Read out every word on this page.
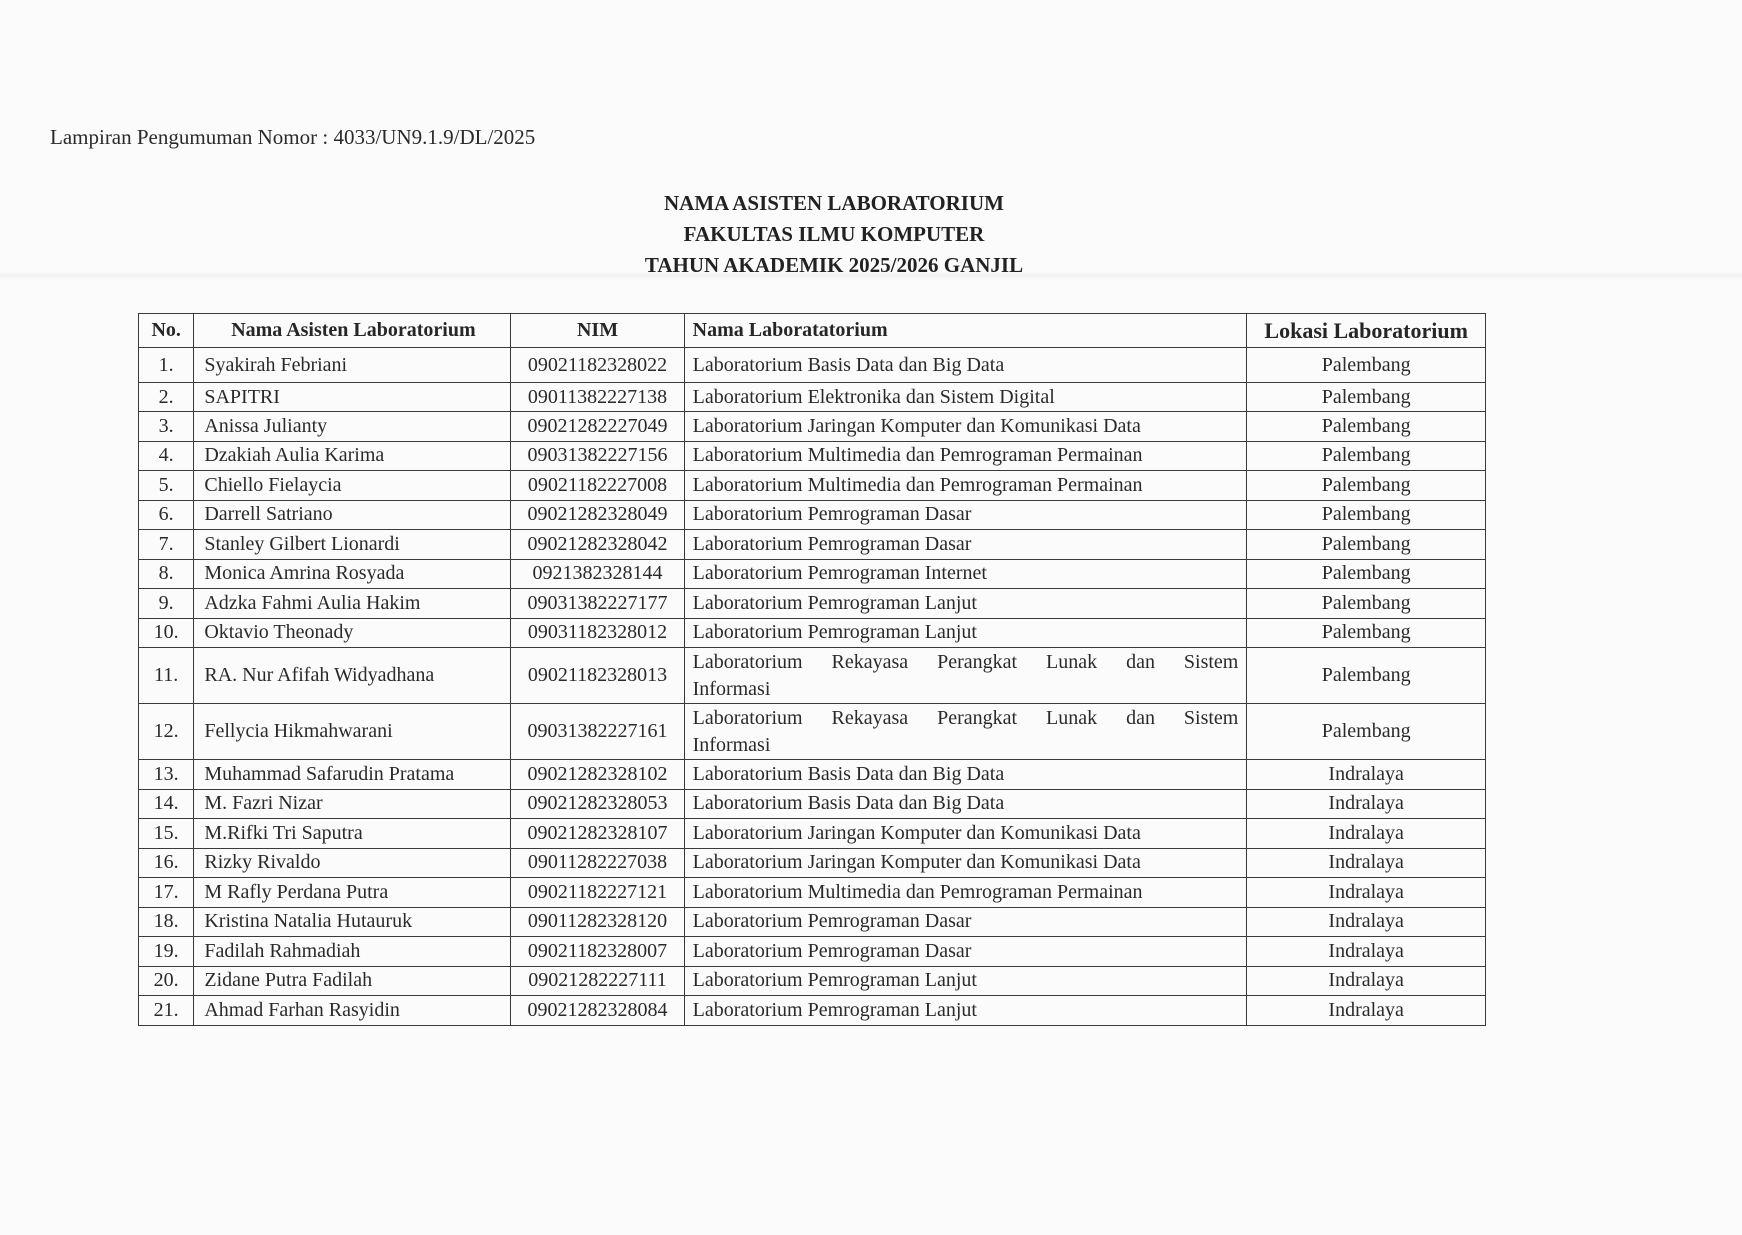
Lampiran Pengumuman Nomor : 4033/UN9.1.9/DL/2025
NAMA ASISTEN LABORATORIUM
FAKULTAS ILMU KOMPUTER
TAHUN AKADEMIK 2025/2026 GANJIL
No.	Nama Asisten Laboratorium	NIM	Nama Laboratatorium	Lokasi Laboratorium
1.	Syakirah Febriani	09021182328022	Laboratorium Basis Data dan Big Data	Palembang
2.	SAPITRI	09011382227138	Laboratorium Elektronika dan Sistem Digital	Palembang
3.	Anissa Julianty	09021282227049	Laboratorium Jaringan Komputer dan Komunikasi Data	Palembang
4.	Dzakiah Aulia Karima	09031382227156	Laboratorium Multimedia dan Pemrograman Permainan	Palembang
5.	Chiello Fielaycia	09021182227008	Laboratorium Multimedia dan Pemrograman Permainan	Palembang
6.	Darrell Satriano	09021282328049	Laboratorium Pemrograman Dasar	Palembang
7.	Stanley Gilbert Lionardi	09021282328042	Laboratorium Pemrograman Dasar	Palembang
8.	Monica Amrina Rosyada	0921382328144	Laboratorium Pemrograman Internet	Palembang
9.	Adzka Fahmi Aulia Hakim	09031382227177	Laboratorium Pemrograman Lanjut	Palembang
10.	Oktavio Theonady	09031182328012	Laboratorium Pemrograman Lanjut	Palembang
11.	RA. Nur Afifah Widyadhana	09021182328013	Laboratorium Rekayasa Perangkat Lunak dan Sistem
Informasi	Palembang
12.	Fellycia Hikmahwarani	09031382227161	Laboratorium Rekayasa Perangkat Lunak dan Sistem
Informasi	Palembang
13.	Muhammad Safarudin Pratama	09021282328102	Laboratorium Basis Data dan Big Data	Indralaya
14.	M. Fazri Nizar	09021282328053	Laboratorium Basis Data dan Big Data	Indralaya
15.	M.Rifki Tri Saputra	09021282328107	Laboratorium Jaringan Komputer dan Komunikasi Data	Indralaya
16.	Rizky Rivaldo	09011282227038	Laboratorium Jaringan Komputer dan Komunikasi Data	Indralaya
17.	M Rafly Perdana Putra	09021182227121	Laboratorium Multimedia dan Pemrograman Permainan	Indralaya
18.	Kristina Natalia Hutauruk	09011282328120	Laboratorium Pemrograman Dasar	Indralaya
19.	Fadilah Rahmadiah	09021182328007	Laboratorium Pemrograman Dasar	Indralaya
20.	Zidane Putra Fadilah	09021282227111	Laboratorium Pemrograman Lanjut	Indralaya
21.	Ahmad Farhan Rasyidin	09021282328084	Laboratorium Pemrograman Lanjut	Indralaya
